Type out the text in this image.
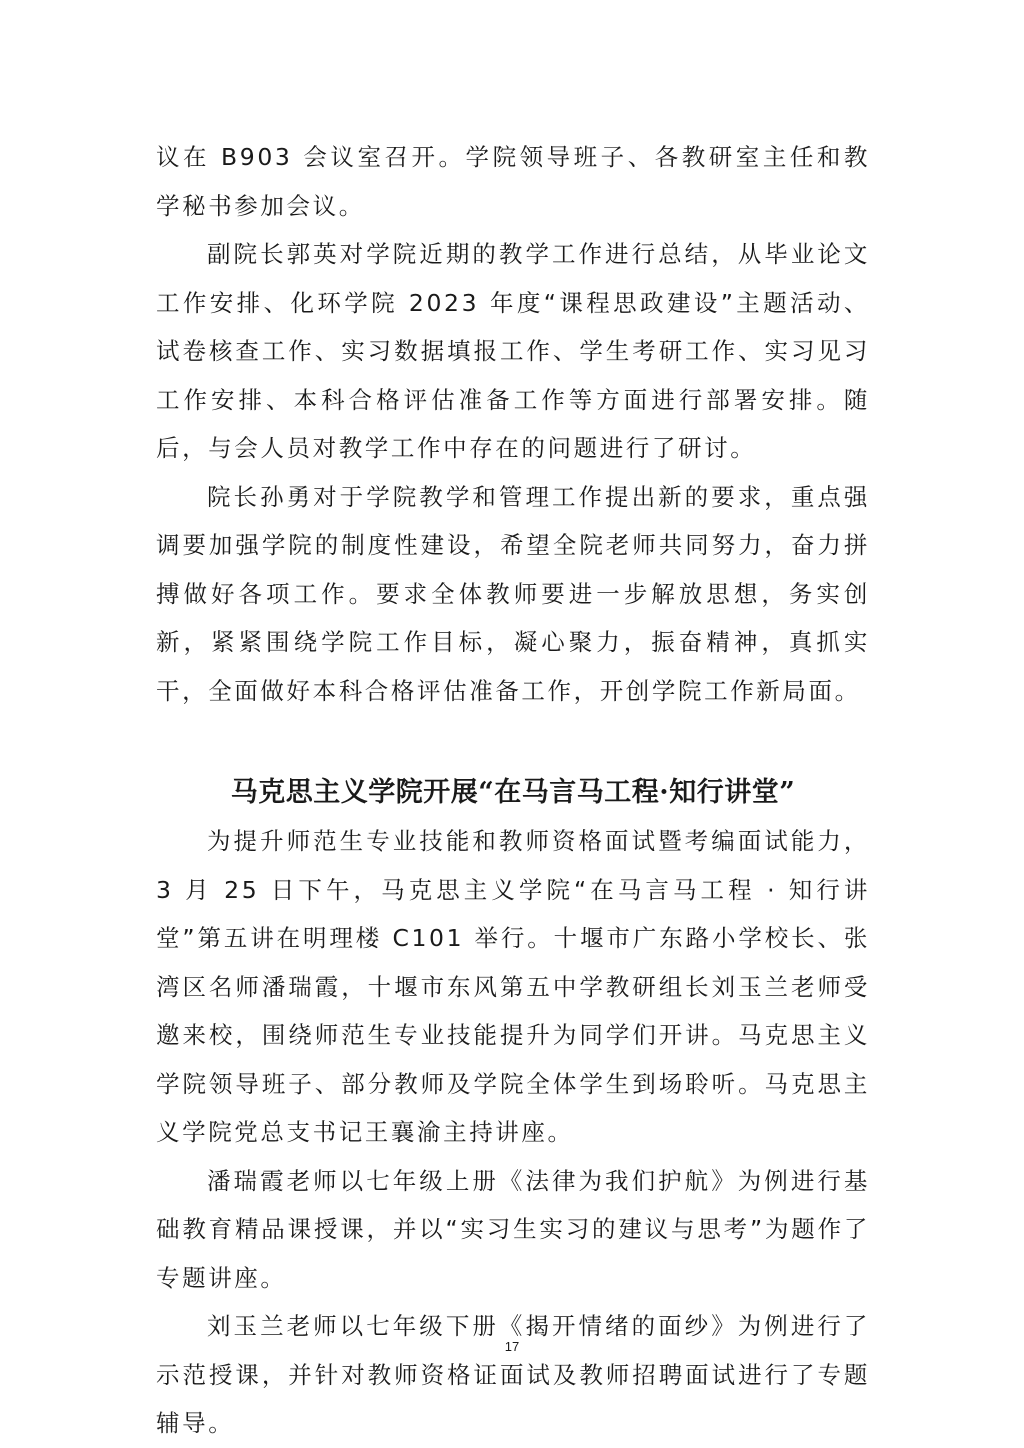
议在 B903 会议室召开。学院领导班子、各教研室主任和教学秘书参加会议。

副院长郭英对学院近期的教学工作进行总结，从毕业论文工作安排、化环学院 2023 年度“课程思政建设”主题活动、试卷核查工作、实习数据填报工作、学生考研工作、实习见习工作安排、本科合格评估准备工作等方面进行部署安排。随后，与会人员对教学工作中存在的问题进行了研讨。

院长孙勇对于学院教学和管理工作提出新的要求，重点强调要加强学院的制度性建设，希望全院老师共同努力，奋力拼搏做好各项工作。要求全体教师要进一步解放思想，务实创新，紧紧围绕学院工作目标，凝心聚力，振奋精神，真抓实干，全面做好本科合格评估准备工作，开创学院工作新局面。

马克思主义学院开展“在马言马工程·知行讲堂”

为提升师范生专业技能和教师资格面试暨考编面试能力，3 月 25 日下午，马克思主义学院“在马言马工程 · 知行讲堂”第五讲在明理楼 C101 举行。十堰市广东路小学校长、张湾区名师潘瑞霞，十堰市东风第五中学教研组长刘玉兰老师受邀来校，围绕师范生专业技能提升为同学们开讲。马克思主义学院领导班子、部分教师及学院全体学生到场聆听。马克思主义学院党总支书记王襄渝主持讲座。

潘瑞霞老师以七年级上册《法律为我们护航》为例进行基础教育精品课授课，并以“实习生实习的建议与思考”为题作了专题讲座。

刘玉兰老师以七年级下册《揭开情绪的面纱》为例进行了示范授课，并针对教师资格证面试及教师招聘面试进行了专题辅导。

17
